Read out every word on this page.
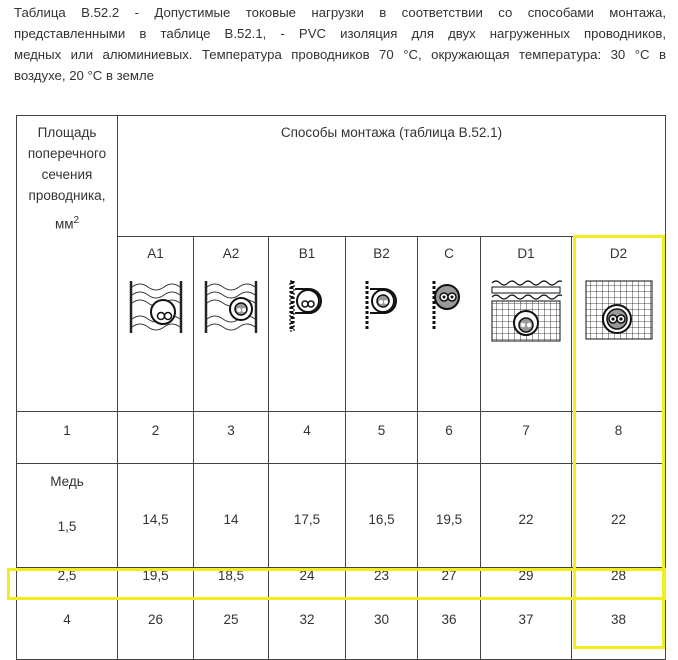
Таблица В.52.2 - Допустимые токовые нагрузки в соответствии со способами монтажа,
представленными в таблице В.52.1, - PVC изоляция для двух нагруженных проводников,
медных или алюминиевых. Температура проводников 70 °С, окружающая температура: 30 °С в
воздухе, 20 °С в земле
Площадь
поперечного
сечения
проводника,
$мм^2$	Способы монтажа (таблица В.52.1)						

	A1	A2	B1	B2	C	D1	D2

1	2	3	4	5	6	7	8

Медь
1,5	14,5	14	17,5	16,5	19,5	22	22

2,5	19,5	18,5	24	23	27	29	28
4	26	25	32	30	36	37	38
